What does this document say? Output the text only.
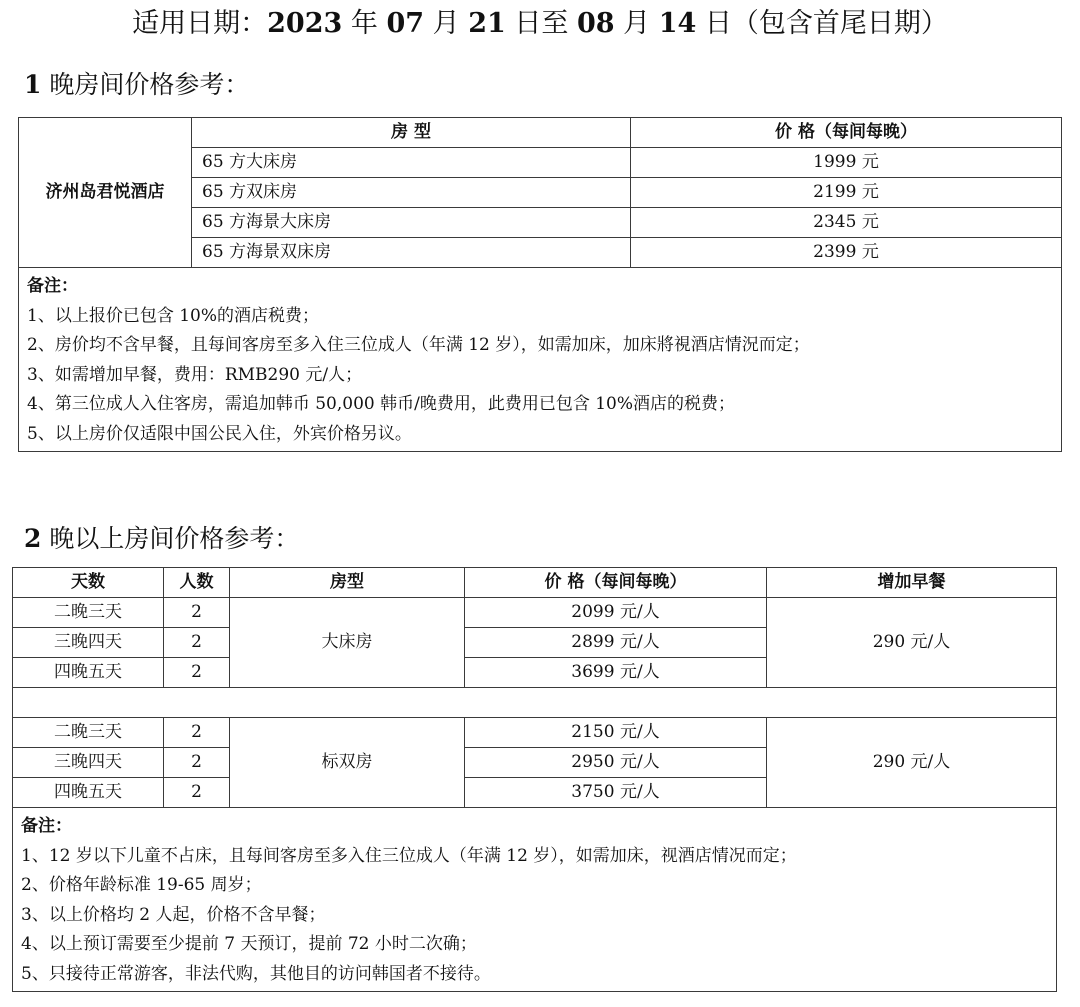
适用日期：2023 年 07 月 21 日至 08 月 14 日（包含首尾日期）
1 晚房间价格参考：
济州岛君悦酒店	房 型	价 格（每间每晚）
	65 方大床房	1999 元
	65 方双床房	2199 元
	65 方海景大床房	2345 元
	65 方海景双床房	2399 元

备注：
1、以上报价已包含 10%的酒店税费；
2、房价均不含早餐，且每间客房至多入住三位成人（年满 12 岁），如需加床，加床將視酒店情況而定；
3、如需增加早餐，费用：RMB290 元/人；
4、第三位成人入住客房，需追加韩币 50,000 韩币/晚费用，此费用已包含 10%酒店的税费；
5、以上房价仅适限中国公民入住，外宾价格另议。
2 晚以上房间价格参考：
天数	人数	房型	价 格（每间每晚）	增加早餐
二晚三天	2	大床房	2099 元/人	290 元/人
三晚四天	2		2899 元/人	
四晚五天	2		3699 元/人	

二晚三天	2	标双房	2150 元/人	290 元/人
三晚四天	2		2950 元/人	
四晚五天	2		3750 元/人	

备注：
1、12 岁以下儿童不占床，且每间客房至多入住三位成人（年满 12 岁），如需加床，视酒店情况而定；
2、价格年龄标准 19-65 周岁；
3、以上价格均 2 人起，价格不含早餐；
4、以上预订需要至少提前 7 天预订，提前 72 小时二次确；
5、只接待正常游客，非法代购，其他目的访问韩国者不接待。
